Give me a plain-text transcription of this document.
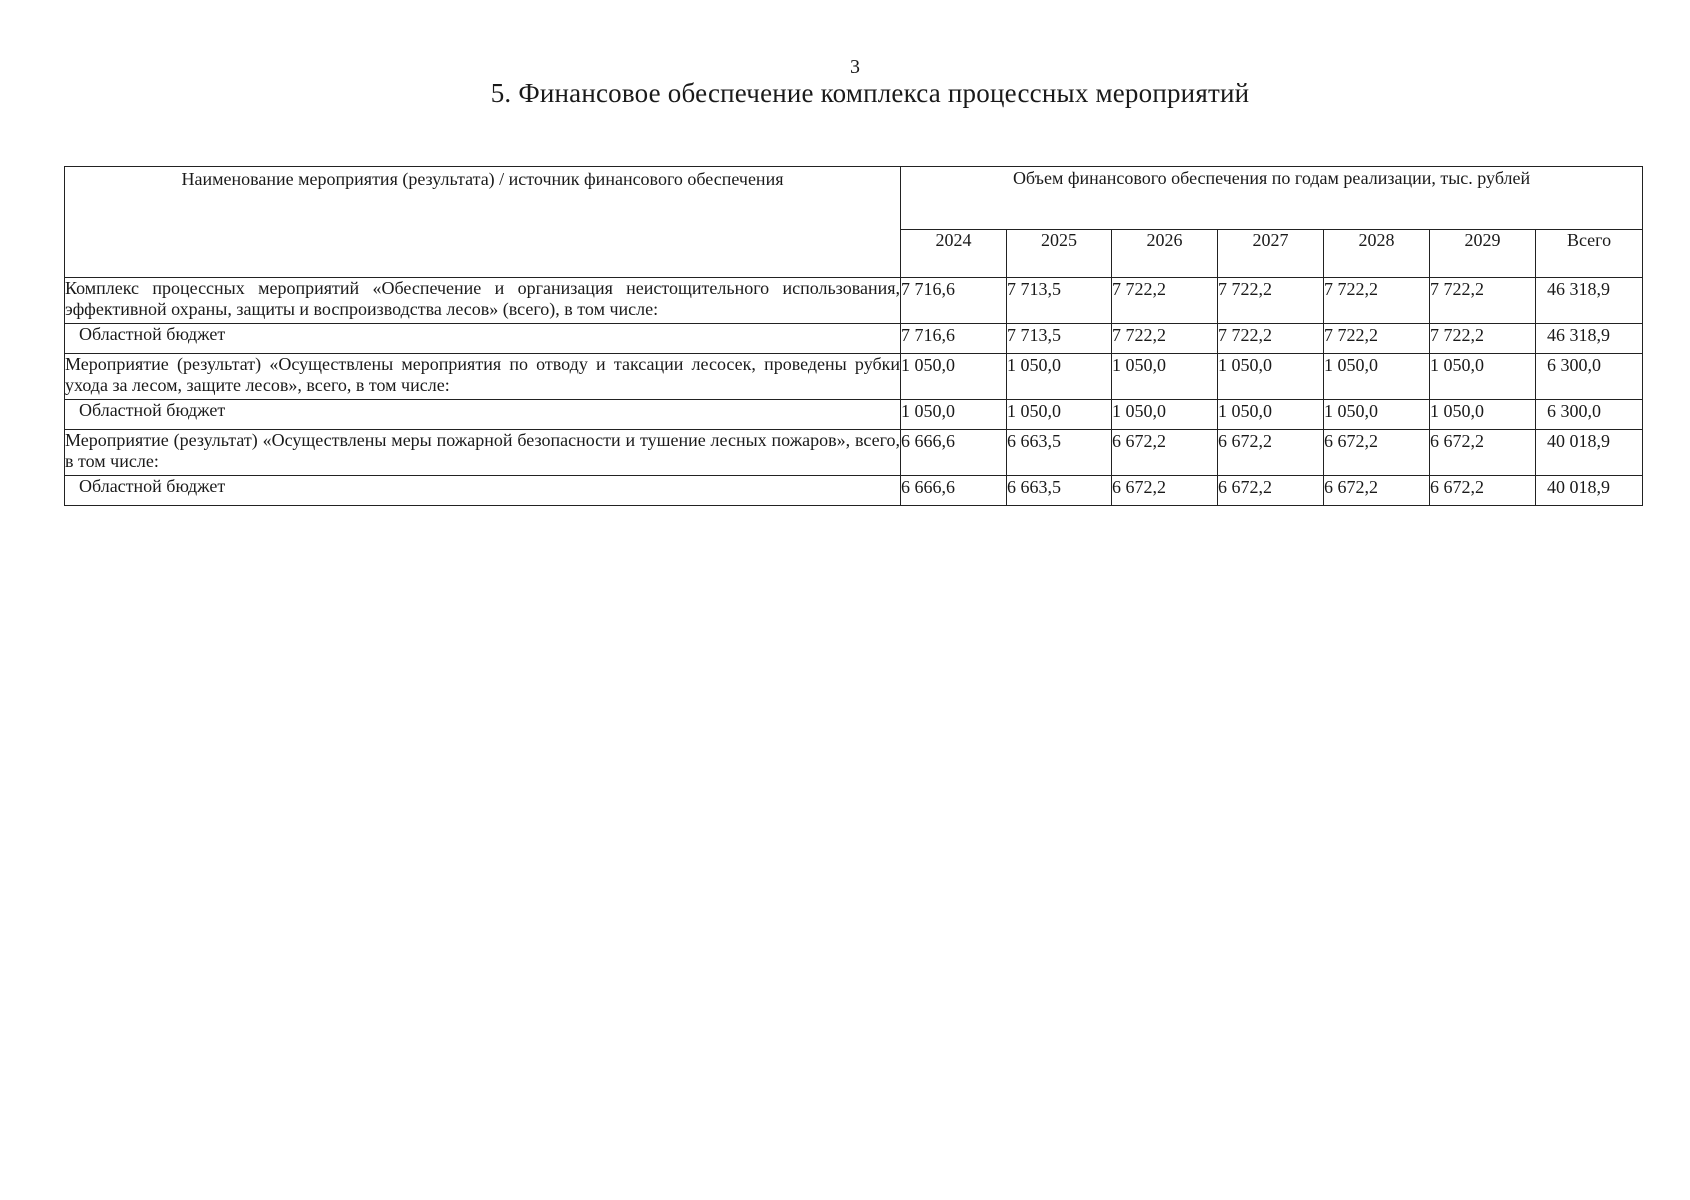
3
5. Финансовое обеспечение комплекса процессных мероприятий
Наименование мероприятия (результата) / источник финансового обеспечения	Объем финансового обеспечения по годам реализации, тыс. рублей						
	2024	2025	2026	2027	2028	2029	Всего
Комплекс процессных мероприятий «Обеспечение и организация неистощительного использования, эффективной охраны, защиты и воспроизводства лесов» (всего), в том числе:	7 716,6	7 713,5	7 722,2	7 722,2	7 722,2	7 722,2	46 318,9
Областной бюджет	7 716,6	7 713,5	7 722,2	7 722,2	7 722,2	7 722,2	46 318,9
Мероприятие (результат) «Осуществлены мероприятия по отводу и таксации лесосек, проведены рубки ухода за лесом, защите лесов», всего, в том числе:	1 050,0	1 050,0	1 050,0	1 050,0	1 050,0	1 050,0	6 300,0
Областной бюджет	1 050,0	1 050,0	1 050,0	1 050,0	1 050,0	1 050,0	6 300,0
Мероприятие (результат) «Осуществлены меры пожарной безопасности и тушение лесных пожаров», всего, в том числе:	6 666,6	6 663,5	6 672,2	6 672,2	6 672,2	6 672,2	40 018,9
Областной бюджет	6 666,6	6 663,5	6 672,2	6 672,2	6 672,2	6 672,2	40 018,9
